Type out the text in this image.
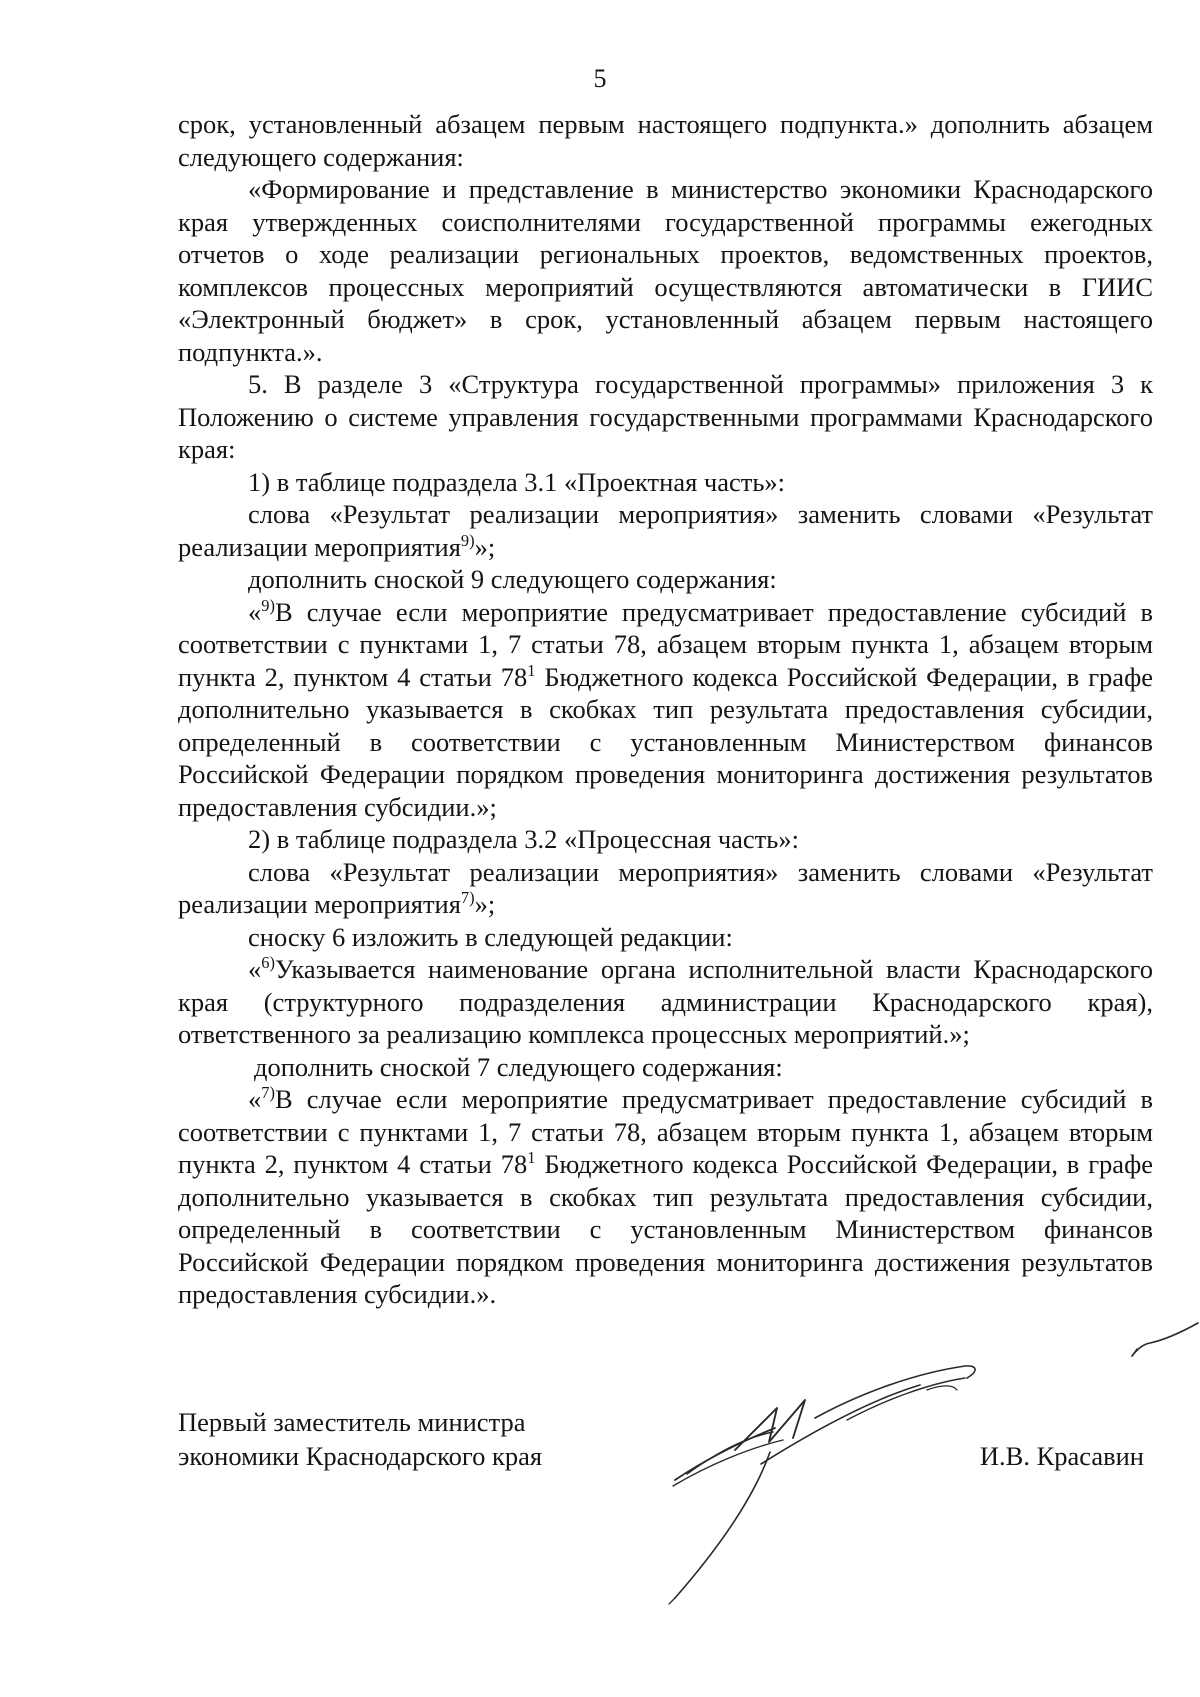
5

срок, установленный абзацем первым настоящего подпункта.» дополнить абзацем следующего содержания:

«Формирование и представление в министерство экономики Краснодарского края утвержденных соисполнителями государственной программы ежегодных отчетов о ходе реализации региональных проектов, ведомственных проектов, комплексов процессных мероприятий осуществляются автоматически в ГИИС «Электронный бюджет» в срок, установленный абзацем первым настоящего подпункта.».

5. В разделе 3 «Структура государственной программы» приложения 3 к Положению о системе управления государственными программами Краснодарского края:

1) в таблице подраздела 3.1 «Проектная часть»:

слова «Результат реализации мероприятия» заменить словами «Результат реализации мероприятия$^{9)}$»;

дополнить сноской 9 следующего содержания:

«$^{9)}$В случае если мероприятие предусматривает предоставление субсидий в соответствии с пунктами 1, 7 статьи 78, абзацем вторым пункта 1, абзацем вторым пункта 2, пунктом 4 статьи $78^1$ Бюджетного кодекса Российской Федерации, в графе дополнительно указывается в скобках тип результата предоставления субсидии, определенный в соответствии с установленным Министерством финансов Российской Федерации порядком проведения мониторинга достижения результатов предоставления субсидии.»;

2) в таблице подраздела 3.2 «Процессная часть»:

слова «Результат реализации мероприятия» заменить словами «Результат реализации мероприятия$^{7)}$»;

сноску 6 изложить в следующей редакции:

«$^{6)}$Указывается наименование органа исполнительной власти Краснодарского края (структурного подразделения администрации Краснодарского края), ответственного за реализацию комплекса процессных мероприятий.»;

дополнить сноской 7 следующего содержания:

«$^{7)}$В случае если мероприятие предусматривает предоставление субсидий в соответствии с пунктами 1, 7 статьи 78, абзацем вторым пункта 1, абзацем вторым пункта 2, пунктом 4 статьи $78^1$ Бюджетного кодекса Российской Федерации, в графе дополнительно указывается в скобках тип результата предоставления субсидии, определенный в соответствии с установленным Министерством финансов Российской Федерации порядком проведения мониторинга достижения результатов предоставления субсидии.».

Первый заместитель министра
экономики Краснодарского края	И.В. Красавин
